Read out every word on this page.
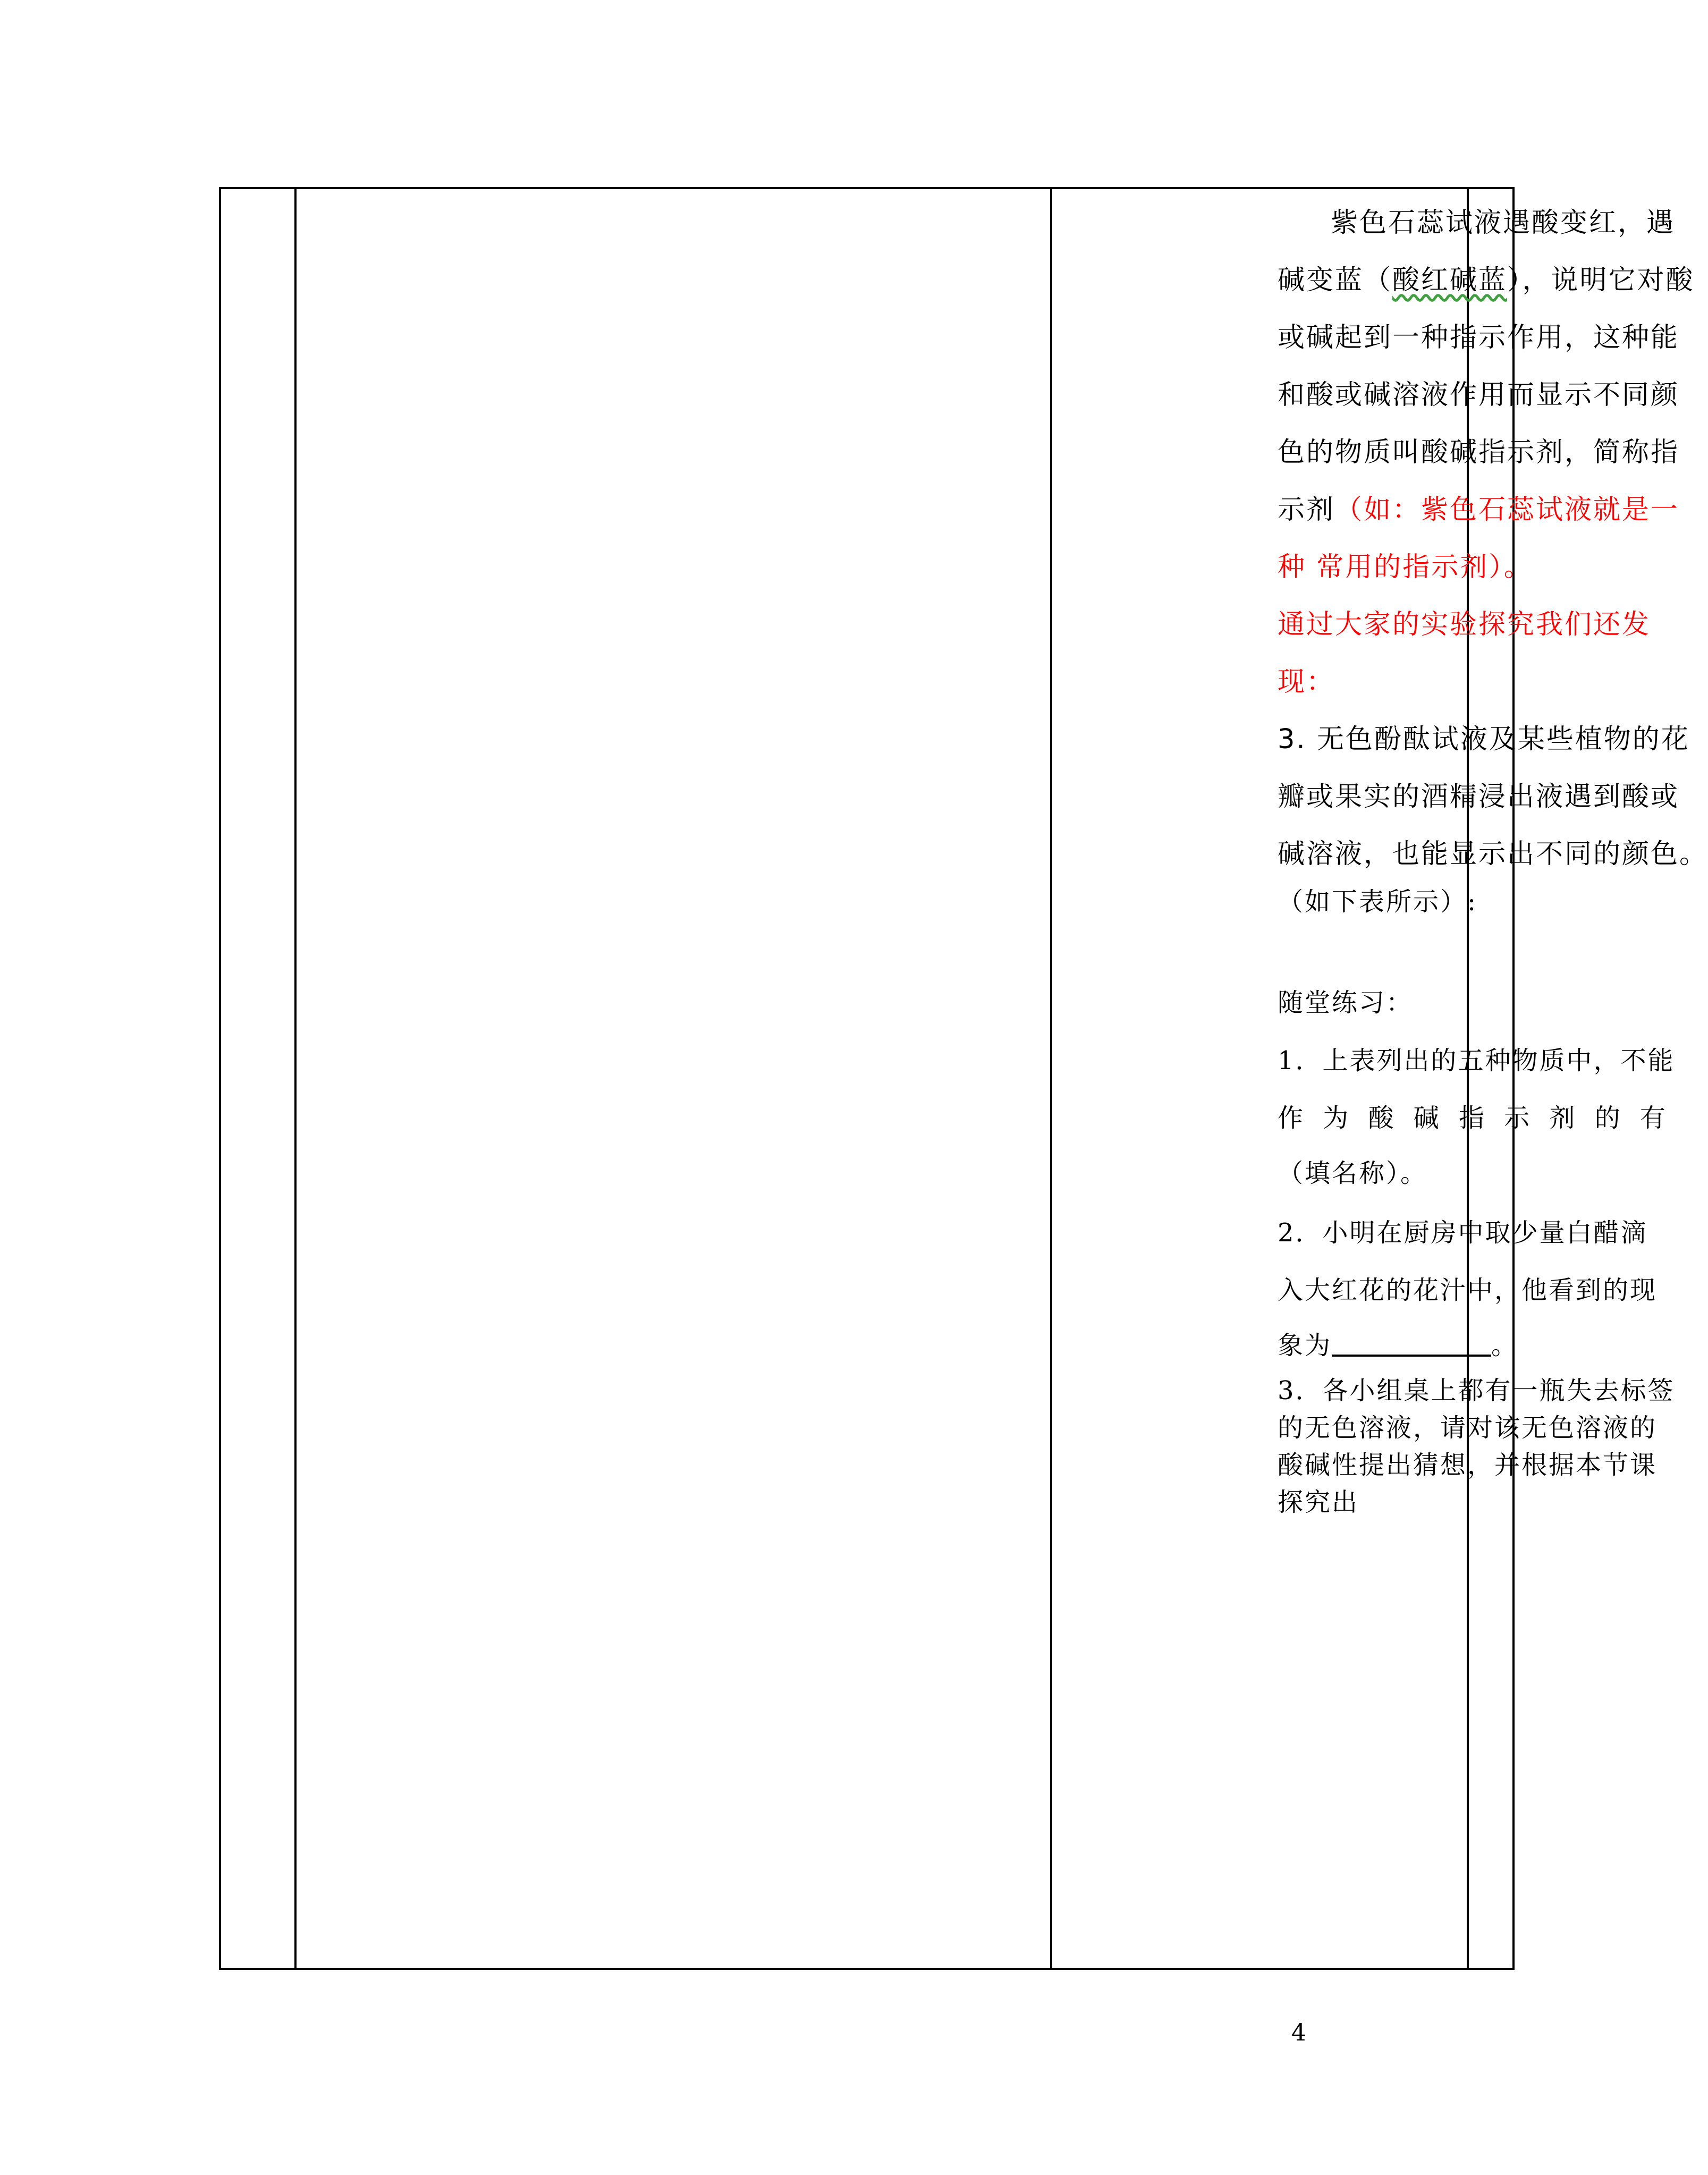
紫色石蕊试液遇酸变红，遇
碱变蓝（酸红碱蓝），说明它对酸
或碱起到一种指示作用，这种能
和酸或碱溶液作用而显示不同颜
色的物质叫酸碱指示剂，简称指
示剂（如：紫色石蕊试液就是一
种 常用的指示剂）。
通过大家的实验探究我们还发
现：
3. 无色酚酞试液及某些植物的花
瓣或果实的酒精浸出液遇到酸或
碱溶液，也能显示出不同的颜色。
（如下表所示）:
随堂练习：
1．上表列出的五种物质中，不能
作 为 酸 碱 指 示 剂 的 有
（填名称）。
2．小明在厨房中取少量白醋滴
入大红花的花汁中，他看到的现
象为	。
3．各小组桌上都有一瓶失去标签
的无色溶液，请对该无色溶液的
酸碱性提出猜想，并根据本节课
探究出
4
